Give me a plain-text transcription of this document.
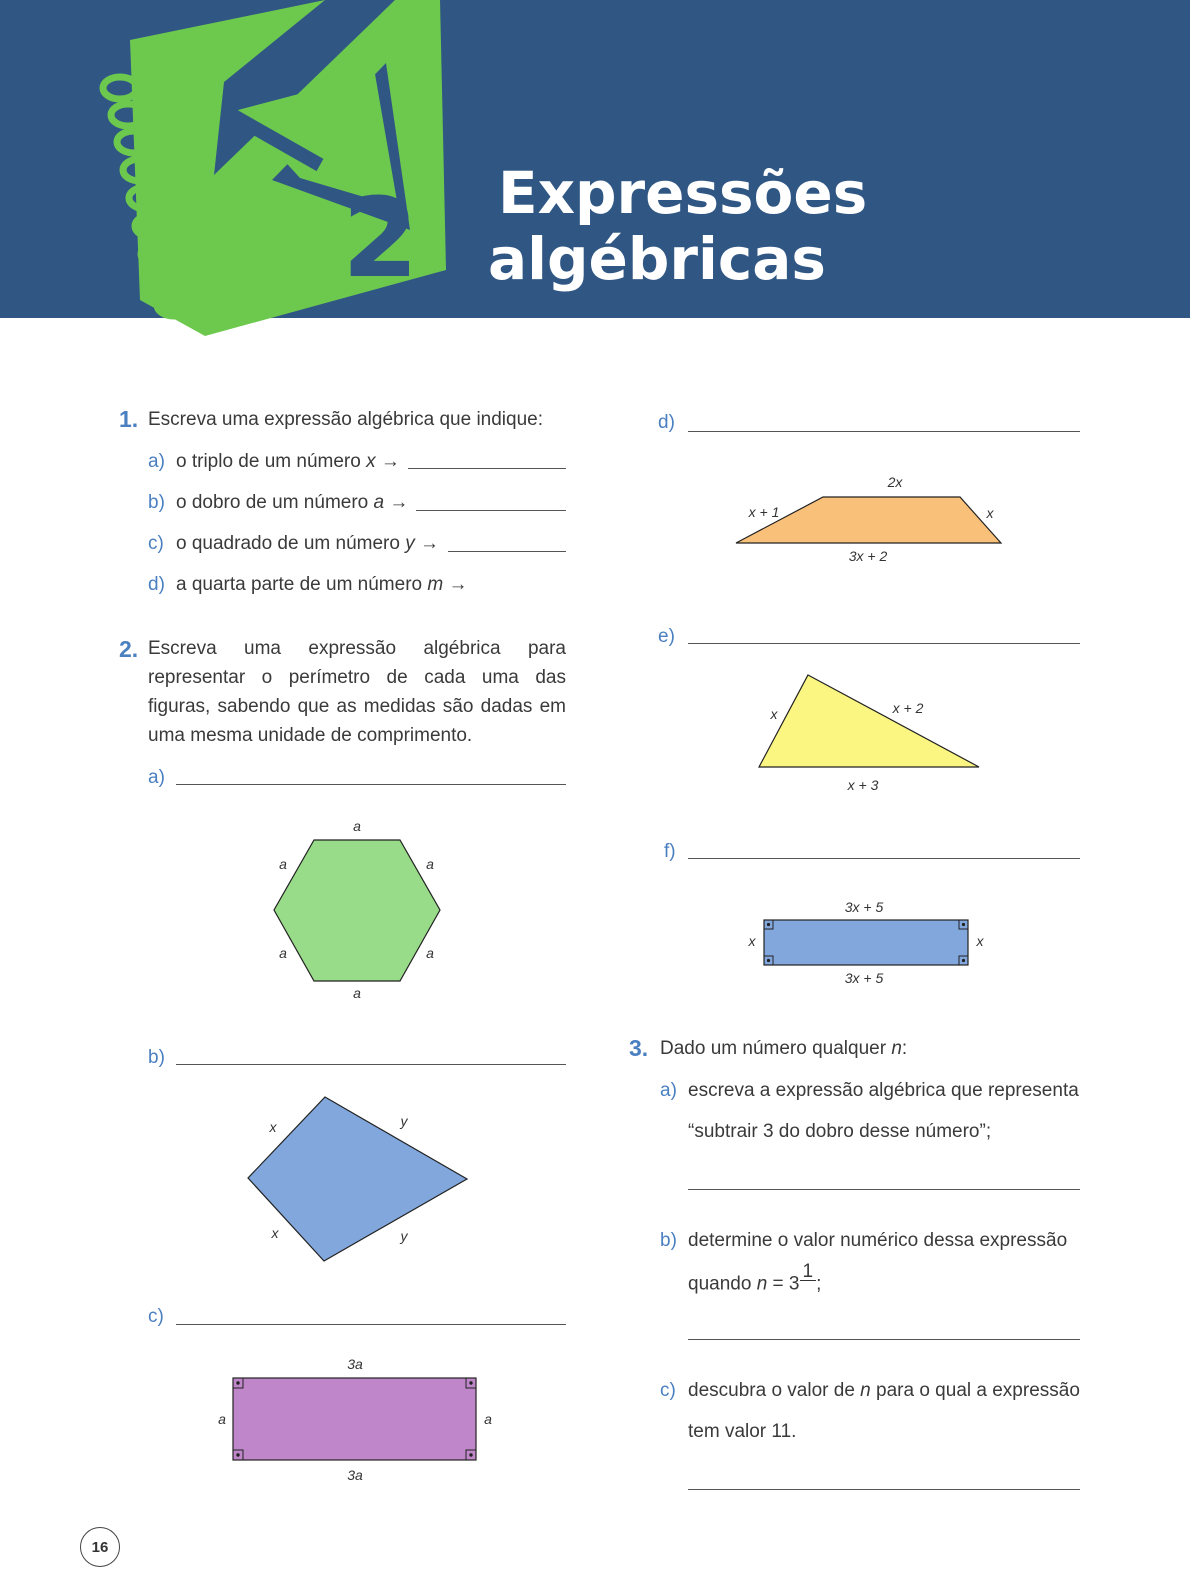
2 Expressões
algébricas
1. Escreva uma expressão algébrica que indique:
a) o triplo de um número x →
b) o dobro de um número a →
c) o quadrado de um número y →
d) a quarta parte de um número m →
2. Escreva uma expressão algébrica para representar o perímetro de cada uma das figuras, sabendo que as medidas são dadas em uma mesma unidade de comprimento.
a)
a
a	a
a	a
a
b)
x	y
x	y
c)
3a
a	a
3a
d)
2x
x + 1	x
3x + 2
e)
x	x + 2
x + 3
f)
3x + 5
x	x
3x + 5
3. Dado um número qualquer n:
a) escreva a expressão algébrica que representa
“subtrair 3 do dobro desse número”;
b) determine o valor numérico dessa expressão
quando n = 3
1
;
c) descubra o valor de n para o qual a expressão
tem valor 11.
16
